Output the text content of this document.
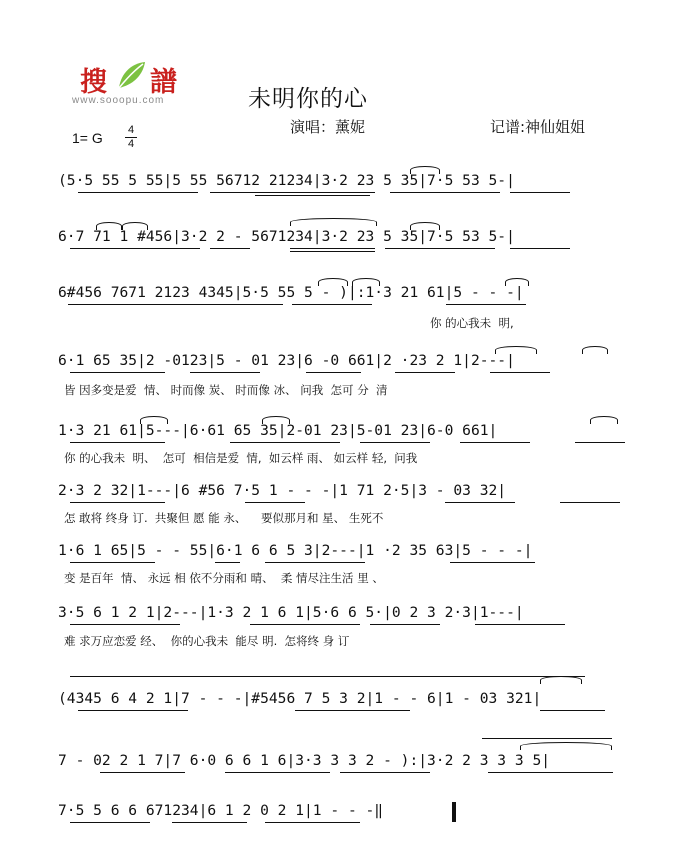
搜 譜
www.sooopu.com	未明你的心
演唱：薰妮	记谱:神仙姐姐
1= G	4
4
(5·5 55 5 55|5 55 56712 21234|3·2 23 5 35|7·5 53 5-|
6·7 71 1 #456|3·2 2 - 5671234|3·2 23 5 35|7·5 53 5-|
6#456 7671 2123 4345|5·5 55 5 - )|:1·3 21 61|5 - - -|
你 的心我未  明,
6·1 65 35|2 -0123|5 - 01 23|6 -0 661|2 ·23 2 1|2---|
皆 因多变是爱  情、 时而像 炭、 时而像 冰、 问我  怎可 分  清
1·3 21 61|5---|6·61 65 35|2-01 23|5-01 23|6-0 661|
你 的心我未  明、  怎可  相信是爱  情,  如云样 雨、 如云样 轻,  问我
2·3 2 32|1---|6 #56 7·5 1 - - -|1 71 2·5|3 - 03 32|
怎 敢将 终身 订.  共聚但 愿 能 永、    要似那月和 星、 生死不
1·6 1 65|5 - - 55|6·1 6 6 5 3|2---|1 ·2 35 63|5 - - -|
变 是百年  情、 永远 相 依不分雨和 晴、  柔 情尽注生活 里 、
3·5 6 1 2 1|2---|1·3 2 1 6 1|5·6 6 5·|0 2 3 2·3|1---|
难 求万应恋爱 经、  你的心我未  能尽 明.  怎将终 身 订
(4345 6 4 2 1|7 - - -|#5456 7 5 3 2|1 - - 6|1 - 03 321|
7 - 02 2 1 7|7 6·0 6 6 1 6|3·3 3 3 2 - ):|3·2 2 3 3 3 5|
7·5 5 6 6 671234|6 1 2 0 2 1|1 - - -‖
